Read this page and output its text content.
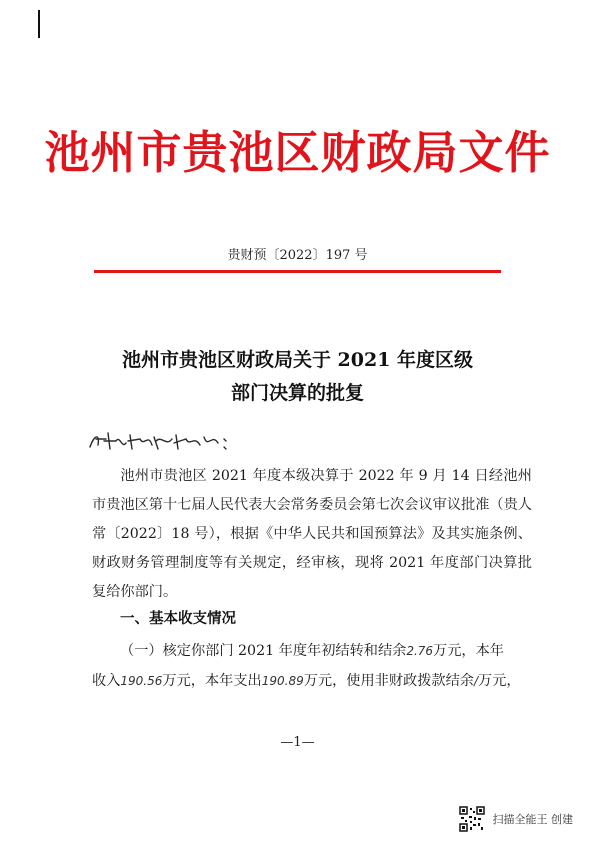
池州市贵池区财政局文件
贵财预〔2022〕197 号
池州市贵池区财政局关于 2021 年度区级
部门决算的批复

池州市贵池区 2021 年度本级决算于 2022 年 9 月 14 日经池州市贵池区第十七届人民代表大会常务委员会第七次会议审议批准（贵人常〔2022〕18 号），根据《中华人民共和国预算法》及其实施条例、财政财务管理制度等有关规定，经审核，现将 2021 年度部门决算批复给你部门。

一、基本收支情况
（一）核定你部门 2021 年度年初结转和结余2.76万元，本年
收入190.56万元，本年支出190.89万元，使用非财政拨款结余/万元，
—1—
扫描全能王 创建
